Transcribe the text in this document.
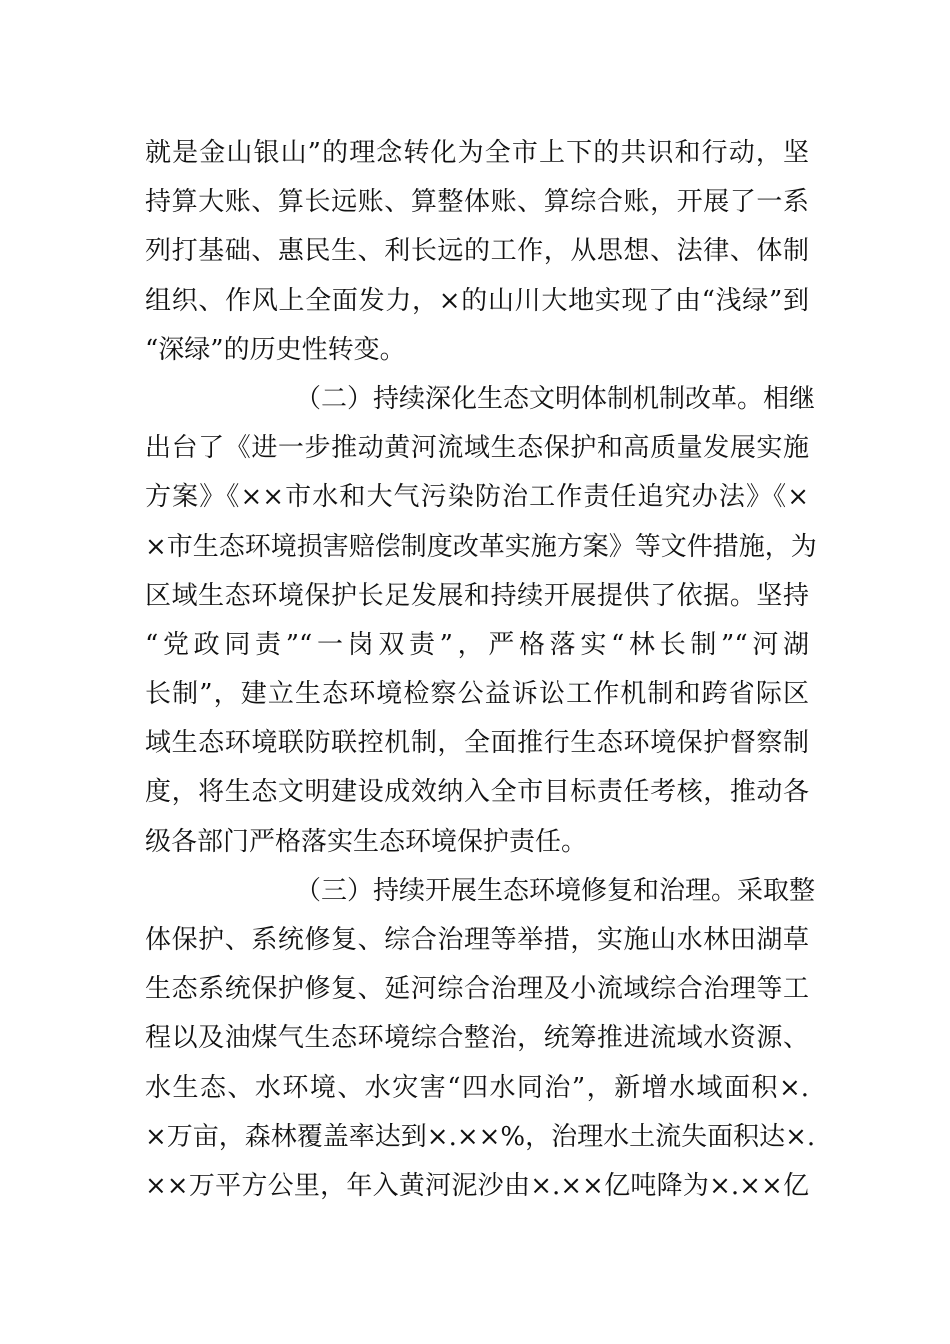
就是金山银山”的理念转化为全市上下的共识和行动，坚
持算大账、算长远账、算整体账、算综合账，开展了一系
列打基础、惠民生、利长远的工作，从思想、法律、体制
组织、作风上全面发力，×的山川大地实现了由“浅绿”到
“深绿”的历史性转变。
（二）持续深化生态文明体制机制改革。相继
出台了《进一步推动黄河流域生态保护和高质量发展实施
方案》《××市水和大气污染防治工作责任追究办法》《×
×市生态环境损害赔偿制度改革实施方案》等文件措施，为
区域生态环境保护长足发展和持续开展提供了依据。坚持
“党政同责”“一岗双责”，严格落实“林长制”“河湖
长制”，建立生态环境检察公益诉讼工作机制和跨省际区
域生态环境联防联控机制，全面推行生态环境保护督察制
度，将生态文明建设成效纳入全市目标责任考核，推动各
级各部门严格落实生态环境保护责任。
（三）持续开展生态环境修复和治理。采取整
体保护、系统修复、综合治理等举措，实施山水林田湖草
生态系统保护修复、延河综合治理及小流域综合治理等工
程以及油煤气生态环境综合整治，统筹推进流域水资源、
水生态、水环境、水灾害“四水同治”，新增水域面积×.
×万亩，森林覆盖率达到×.××%，治理水土流失面积达×.
××万平方公里，年入黄河泥沙由×.××亿吨降为×.××亿
